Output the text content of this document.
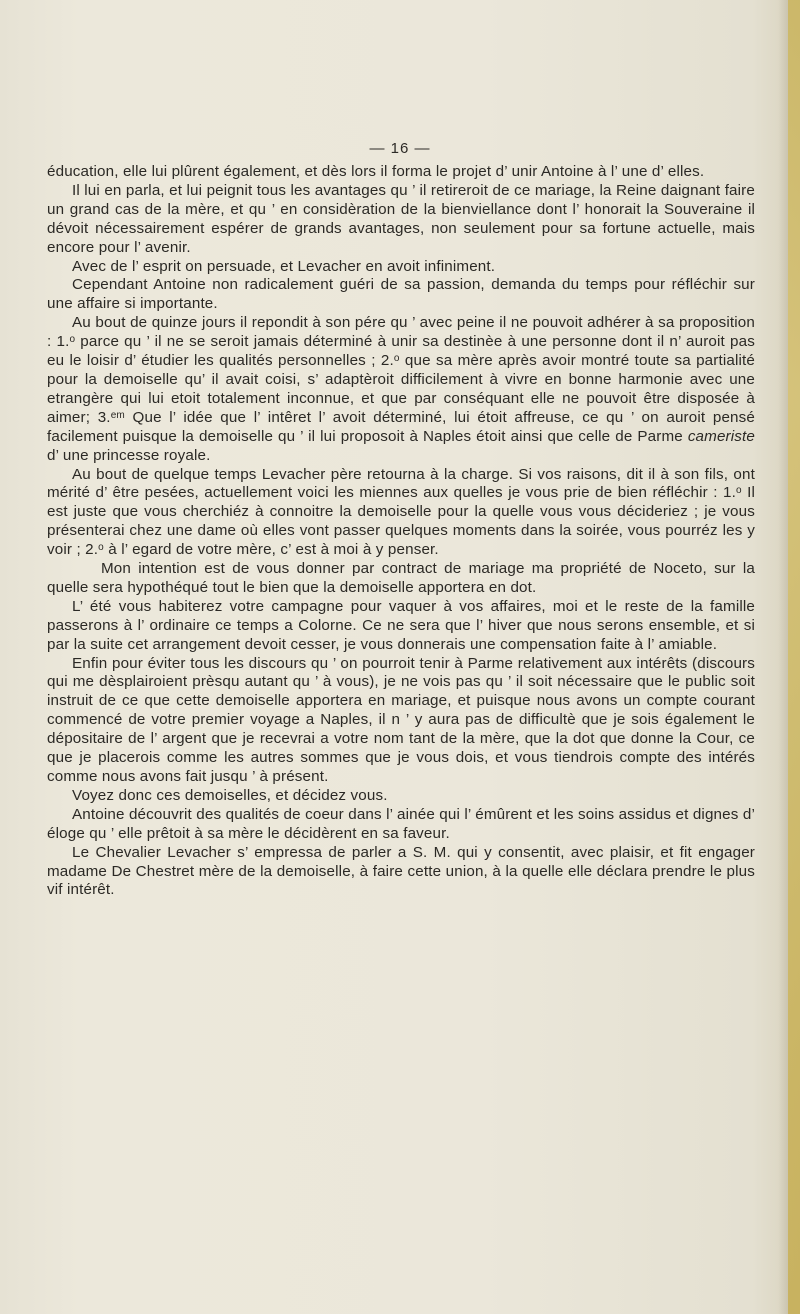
— 16 —

éducation, elle lui plûrent également, et dès lors il forma le projet d’ unir Antoine à l’ une d’ elles.

Il lui en parla, et lui peignit tous les avantages qu ’ il retireroit de ce mariage, la Reine daignant faire un grand cas de la mère, et qu ’ en considèration de la bienviellance dont l’ honorait la Souveraine il dévoit nécessairement espérer de grands avantages, non seulement pour sa fortune actuelle, mais encore pour l’ avenir.

Avec de l’ esprit on persuade, et Levacher en avoit infiniment.

Cependant Antoine non radicalement guéri de sa passion, demanda du temps pour réfléchir sur une affaire si importante.

Au bout de quinze jours il repondit à son pére qu ’ avec peine il ne pouvoit adhérer à sa proposition : 1.$^o$ parce qu ’ il ne se seroit jamais déterminé à unir sa destinèe à une personne dont il n’ auroit pas eu le loisir d’ étudier les qualités personnelles ; 2.$^o$ que sa mère après avoir montré toute sa partialité pour la demoiselle qu’ il avait coisi, s’ adaptèroit difficilement à vivre en bonne harmonie avec une etrangère qui lui etoit totalement inconnue, et que par conséquant elle ne pouvoit être disposée à aimer; 3.$^{em}$ Que l’ idée que l’ intêret l’ avoit déterminé, lui étoit affreuse, ce qu ’ on auroit pensé facilement puisque la demoiselle qu ’ il lui proposoit à Naples étoit ainsi que celle de Parme cameriste d’ une princesse royale.

Au bout de quelque temps Levacher père retourna à la charge. Si vos raisons, dit il à son fils, ont mérité d’ être pesées, actuellement voici les miennes aux quelles je vous prie de bien réfléchir : 1.$^o$ Il est juste que vous cherchiéz à connoitre la demoiselle pour la quelle vous vous décideriez ; je vous présenterai chez une dame où elles vont passer quelques moments dans la soirée, vous pourréz les y voir ; 2.$^o$ à l’ egard de votre mère, c’ est à moi à y penser.

Mon intention est de vous donner par contract de mariage ma propriété de Noceto, sur la quelle sera hypothéqué tout le bien que la demoiselle apportera en dot.

L’ été vous habiterez votre campagne pour vaquer à vos affaires, moi et le reste de la famille passerons à l’ ordinaire ce temps a Colorne. Ce ne sera que l’ hiver que nous serons ensemble, et si par la suite cet arrangement devoit cesser, je vous donnerais une compensation faite à l’ amiable.

Enfin pour éviter tous les discours qu ’ on pourroit tenir à Parme relativement aux intérêts (discours qui me dèsplairoient prèsqu autant qu ’ à vous), je ne vois pas qu ’ il soit nécessaire que le public soit instruit de ce que cette demoiselle apportera en mariage, et puisque nous avons un compte courant commencé de votre premier voyage a Naples, il n ’ y aura pas de difficultè que je sois également le dépositaire de l’ argent que je recevrai a votre nom tant de la mère, que la dot que donne la Cour, ce que je placerois comme les autres sommes que je vous dois, et vous tiendrois compte des intérés comme nous avons fait jusqu ’ à présent.

Voyez donc ces demoiselles, et décidez vous.

Antoine découvrit des qualités de coeur dans l’ ainée qui l’ émûrent et les soins assidus et dignes d’ éloge qu ’ elle prêtoit à sa mère le décidèrent en sa faveur.

Le Chevalier Levacher s’ empressa de parler a S. M. qui y consentit, avec plaisir, et fit engager madame De Chestret mère de la demoiselle, à faire cette union, à la quelle elle déclara prendre le plus vif intérêt.
